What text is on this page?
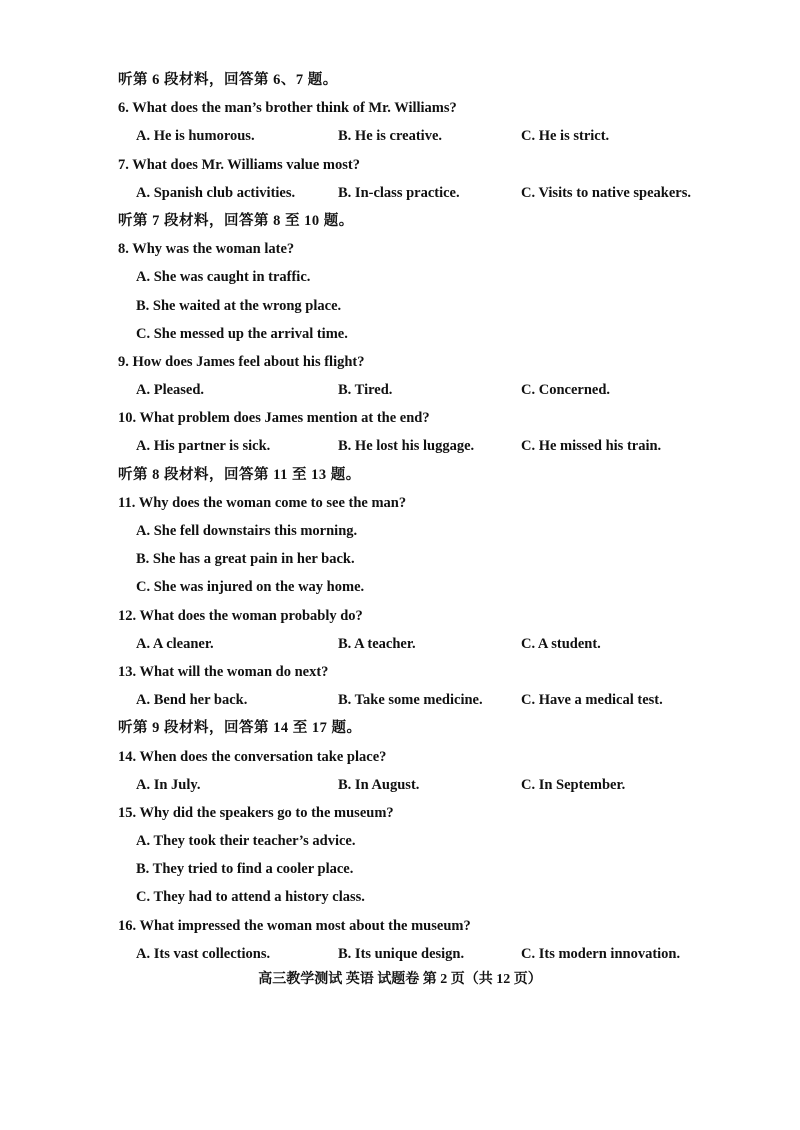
听第 6 段材料，回答第 6、7 题。
6. What does the man’s brother think of Mr. Williams?
A. He is humorous.	B. He is creative.	C. He is strict.
7. What does Mr. Williams value most?
A. Spanish club activities.	B. In-class practice.	C. Visits to native speakers.
听第 7 段材料，回答第 8 至 10 题。
8. Why was the woman late?
A. She was caught in traffic.
B. She waited at the wrong place.
C. She messed up the arrival time.
9. How does James feel about his flight?
A. Pleased.	B. Tired.	C. Concerned.
10. What problem does James mention at the end?
A. His partner is sick.	B. He lost his luggage.	C. He missed his train.
听第 8 段材料，回答第 11 至 13 题。
11. Why does the woman come to see the man?
A. She fell downstairs this morning.
B. She has a great pain in her back.
C. She was injured on the way home.
12. What does the woman probably do?
A. A cleaner.	B. A teacher.	C. A student.
13. What will the woman do next?
A. Bend her back.	B. Take some medicine.	C. Have a medical test.
听第 9 段材料，回答第 14 至 17 题。
14. When does the conversation take place?
A. In July.	B. In August.	C. In September.
15. Why did the speakers go to the museum?
A. They took their teacher’s advice.
B. They tried to find a cooler place.
C. They had to attend a history class.
16. What impressed the woman most about the museum?
A. Its vast collections.	B. Its unique design.	C. Its modern innovation.
高三教学测试 英语 试题卷 第 2 页（共 12 页）
